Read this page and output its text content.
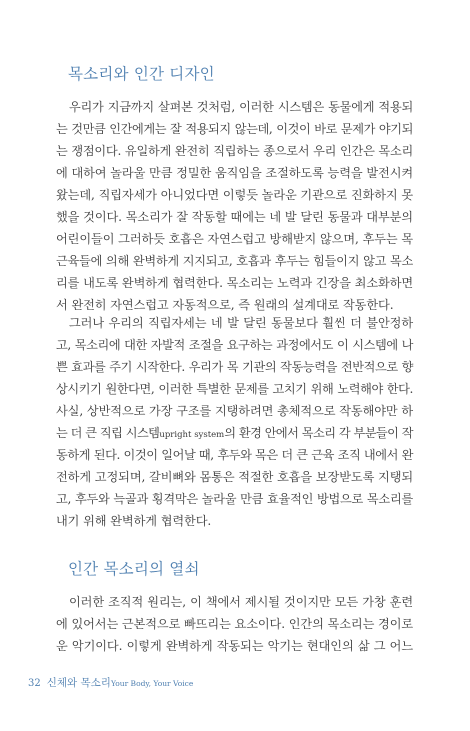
목소리와 인간 디자인
우리가 지금까지 살펴본 것처럼, 이러한 시스템은 동물에게 적용되
는 것만큼 인간에게는 잘 적용되지 않는데, 이것이 바로 문제가 야기되
는 쟁점이다. 유일하게 완전히 직립하는 종으로서 우리 인간은 목소리
에 대하여 놀라울 만큼 정밀한 움직임을 조절하도록 능력을 발전시켜
왔는데, 직립자세가 아니었다면 이렇듯 놀라운 기관으로 진화하지 못
했을 것이다. 목소리가 잘 작동할 때에는 네 발 달린 동물과 대부분의
어린이들이 그러하듯 호흡은 자연스럽고 방해받지 않으며, 후두는 목
근육들에 의해 완벽하게 지지되고, 호흡과 후두는 힘들이지 않고 목소
리를 내도록 완벽하게 협력한다. 목소리는 노력과 긴장을 최소화하면
서 완전히 자연스럽고 자동적으로, 즉 원래의 설계대로 작동한다.
그러나 우리의 직립자세는 네 발 달린 동물보다 훨씬 더 불안정하
고, 목소리에 대한 자발적 조절을 요구하는 과정에서도 이 시스템에 나
쁜 효과를 주기 시작한다. 우리가 목 기관의 작동능력을 전반적으로 향
상시키기 원한다면, 이러한 특별한 문제를 고치기 위해 노력해야 한다.
사실, 상반적으로 가장 구조를 지탱하려면 총체적으로 작동해야만 하
는 더 큰 직립 시스템upright system의 환경 안에서 목소리 각 부분들이 작
동하게 된다. 이것이 일어날 때, 후두와 목은 더 큰 근육 조직 내에서 완
전하게 고정되며, 갈비뼈와 몸통은 적절한 호흡을 보장받도록 지탱되
고, 후두와 늑골과 횡격막은 놀라울 만큼 효율적인 방법으로 목소리를
내기 위해 완벽하게 협력한다.
인간 목소리의 열쇠
이러한 조직적 원리는, 이 책에서 제시될 것이지만 모든 가창 훈련
에 있어서는 근본적으로 빠뜨리는 요소이다. 인간의 목소리는 경이로
운 악기이다. 이렇게 완벽하게 작동되는 악기는 현대인의 삶 그 어느
32 신체와 목소리Your Body, Your Voice
